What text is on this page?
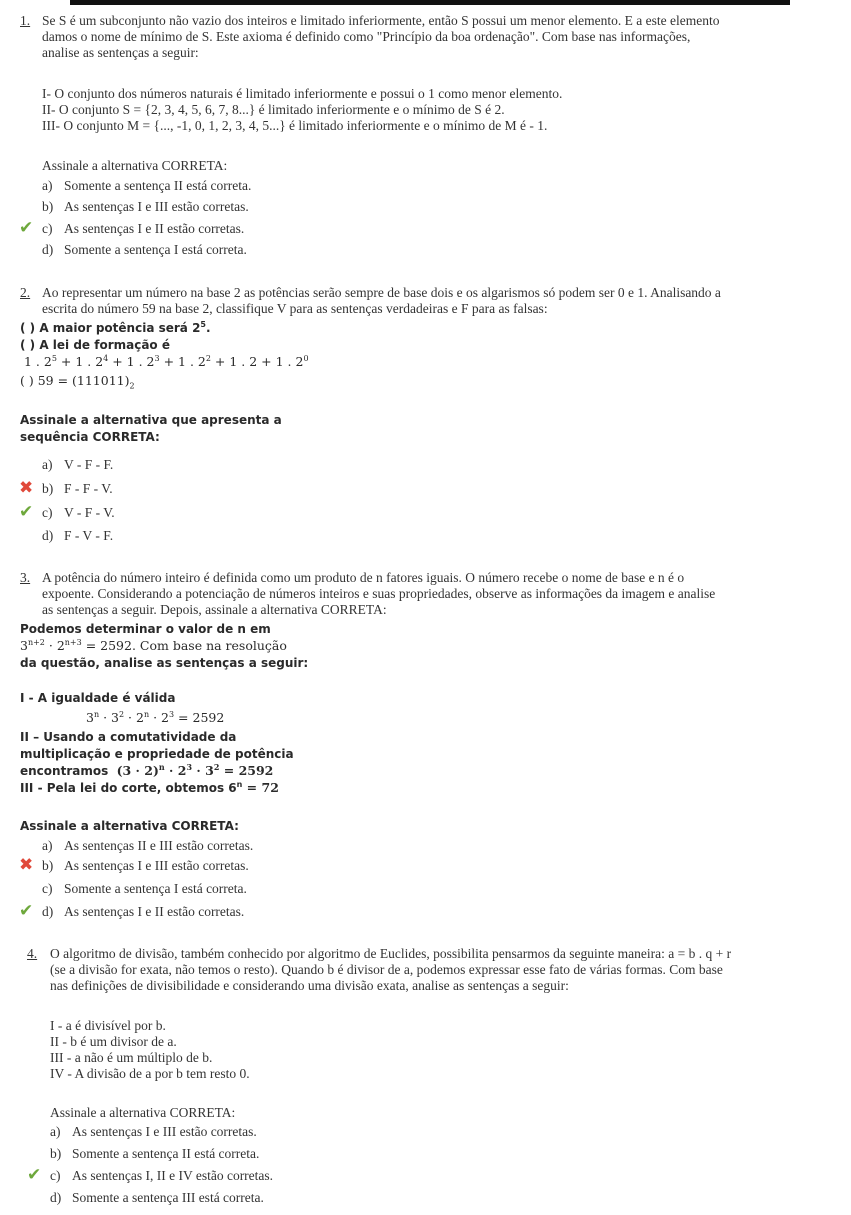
1. Se S é um subconjunto não vazio dos inteiros e limitado inferiormente, então S possui um menor elemento. E a este elemento
damos o nome de mínimo de S. Este axioma é definido como "Princípio da boa ordenação". Com base nas informações,
analise as sentenças a seguir:
I- O conjunto dos números naturais é limitado inferiormente e possui o 1 como menor elemento.
II- O conjunto S = {2, 3, 4, 5, 6, 7, 8...} é limitado inferiormente e o mínimo de S é 2.
III- O conjunto M = {..., -1, 0, 1, 2, 3, 4, 5...} é limitado inferiormente e o mínimo de M é - 1.
Assinale a alternativa CORRETA:
a) Somente a sentença II está correta.
b) As sentenças I e III estão corretas.
✔ c) As sentenças I e II estão corretas.
d) Somente a sentença I está correta.
2. Ao representar um número na base 2 as potências serão sempre de base dois e os algarismos só podem ser 0 e 1. Analisando a
escrita do número 59 na base 2, classifique V para as sentenças verdadeiras e F para as falsas:
( ) A maior potência será $2^5$.
( ) A lei de formação é
1 . $2^5 + 1$ . $2^4 + 1$ . $2^3 + 1$ . $2^2 + 1$ . 2 + 1 . $2^0$
( ) $59 = (111011)_2$
Assinale a alternativa que apresenta a
sequência CORRETA:
a) V - F - F.
✖ b) F - F - V.
✔ c) V - F - V.
d) F - V - F.
3. A potência do número inteiro é definida como um produto de n fatores iguais. O número recebe o nome de base e n é o
expoente. Considerando a potenciação de números inteiros e suas propriedades, observe as informações da imagem e analise
as sentenças a seguir. Depois, assinale a alternativa CORRETA:
Podemos determinar o valor de n em
$3^{n+2} \cdot 2^{n+3} = 2592$. Com base na resolução
da questão, analise as sentenças a seguir:
I - A igualdade é válida
$3^n \cdot 3^2 \cdot 2^n \cdot 2^3 = 2592$
II – Usando a comutatividade da
multiplicação e propriedade de potência
encontramos $(3 \cdot 2)^n \cdot 2^3 \cdot 3^2 = 2592$
III - Pela lei do corte, obtemos $6^n = 72$
Assinale a alternativa CORRETA:
a) As sentenças II e III estão corretas.
✖ b) As sentenças I e III estão corretas.
c) Somente a sentença I está correta.
✔ d) As sentenças I e II estão corretas.
4. O algoritmo de divisão, também conhecido por algoritmo de Euclides, possibilita pensarmos da seguinte maneira: a = b . q + r
(se a divisão for exata, não temos o resto). Quando b é divisor de a, podemos expressar esse fato de várias formas. Com base
nas definições de divisibilidade e considerando uma divisão exata, analise as sentenças a seguir:
I - a é divisível por b.
II - b é um divisor de a.
III - a não é um múltiplo de b.
IV - A divisão de a por b tem resto 0.
Assinale a alternativa CORRETA:
a) As sentenças I e III estão corretas.
b) Somente a sentença II está correta.
✔ c) As sentenças I, II e IV estão corretas.
d) Somente a sentença III está correta.
